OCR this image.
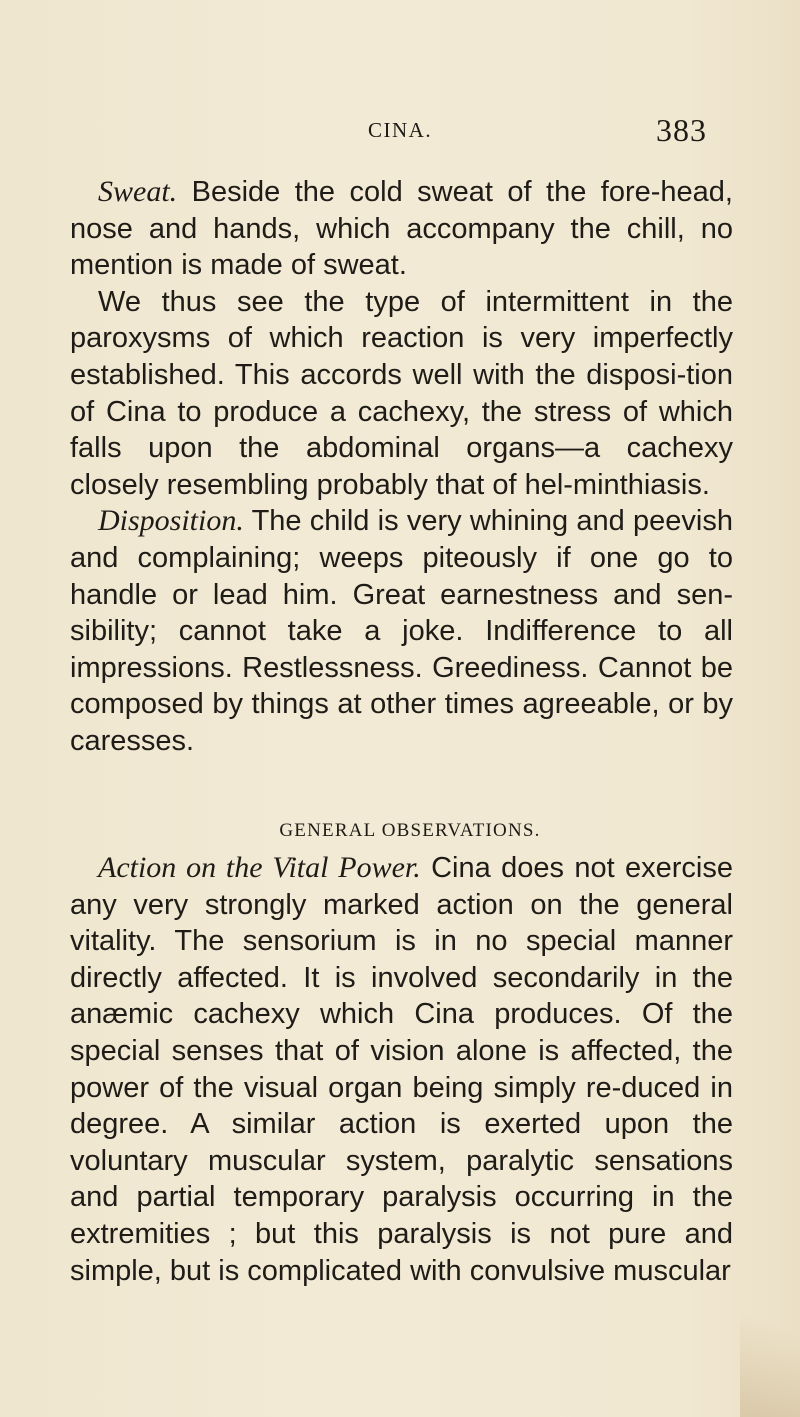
CINA.	383

Sweat. Beside the cold sweat of the fore-head, nose and hands, which accompany the chill, no mention is made of sweat.

We thus see the type of intermittent in the paroxysms of which reaction is very imperfectly established. This accords well with the disposi-tion of Cina to produce a cachexy, the stress of which falls upon the abdominal organs—a cachexy closely resembling probably that of hel-minthiasis.

Disposition. The child is very whining and peevish and complaining; weeps piteously if one go to handle or lead him. Great earnestness and sen-sibility; cannot take a joke. Indifference to all impressions. Restlessness. Greediness. Cannot be composed by things at other times agreeable, or by caresses.

GENERAL OBSERVATIONS.

Action on the Vital Power. Cina does not exercise any very strongly marked action on the general vitality. The sensorium is in no special manner directly affected. It is involved secondarily in the anæmic cachexy which Cina produces. Of the special senses that of vision alone is affected, the power of the visual organ being simply re-duced in degree. A similar action is exerted upon the voluntary muscular system, paralytic sensations and partial temporary paralysis occurring in the extremities ; but this paralysis is not pure and simple, but is complicated with convulsive muscular
